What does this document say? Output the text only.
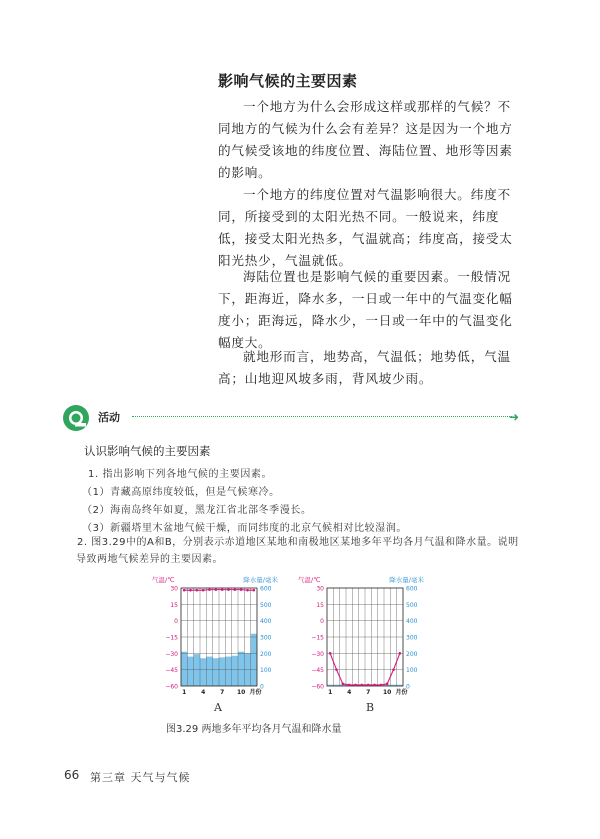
影响气候的主要因素

一个地方为什么会形成这样或那样的气候？不同地方的气候为什么会有差异？这是因为一个地方的气候受该地的纬度位置、海陆位置、地形等因素的影响。

一个地方的纬度位置对气温影响很大。纬度不同，所接受到的太阳光热不同。一般说来，纬度低，接受太阳光热多，气温就高；纬度高，接受太阳光热少，气温就低。

海陆位置也是影响气候的重要因素。一般情况下，距海近，降水多，一日或一年中的气温变化幅度小；距海远，降水少，一日或一年中的气温变化幅度大。

就地形而言，地势高，气温低；地势低，气温高；山地迎风坡多雨，背风坡少雨。

活动	➜
认识影响气候的主要因素
1. 指出影响下列各地气候的主要因素。
（1）青藏高原纬度较低，但是气候寒冷。
（2）海南岛终年如夏，黑龙江省北部冬季漫长。
（3）新疆塔里木盆地气候干燥，而同纬度的北京气候相对比较湿润。

2. 图3.29中的A和B，分别表示赤道地区某地和南极地区某地多年平均各月气温和降水量。说明导致两地气候差异的主要因素。

气温/℃	降水量/毫米
30
15
0
−15
−30
−45
−60
600
500
400
300
200
100
0
1 4 7 10 月份
A
气温/℃	降水量/毫米
30
15
0
−15
−30
−45
−60
600
500
400
300
200
100
0
1 4 7 10 月份
B
图3.29 两地多年平均各月气温和降水量
66 第三章 天气与气候
